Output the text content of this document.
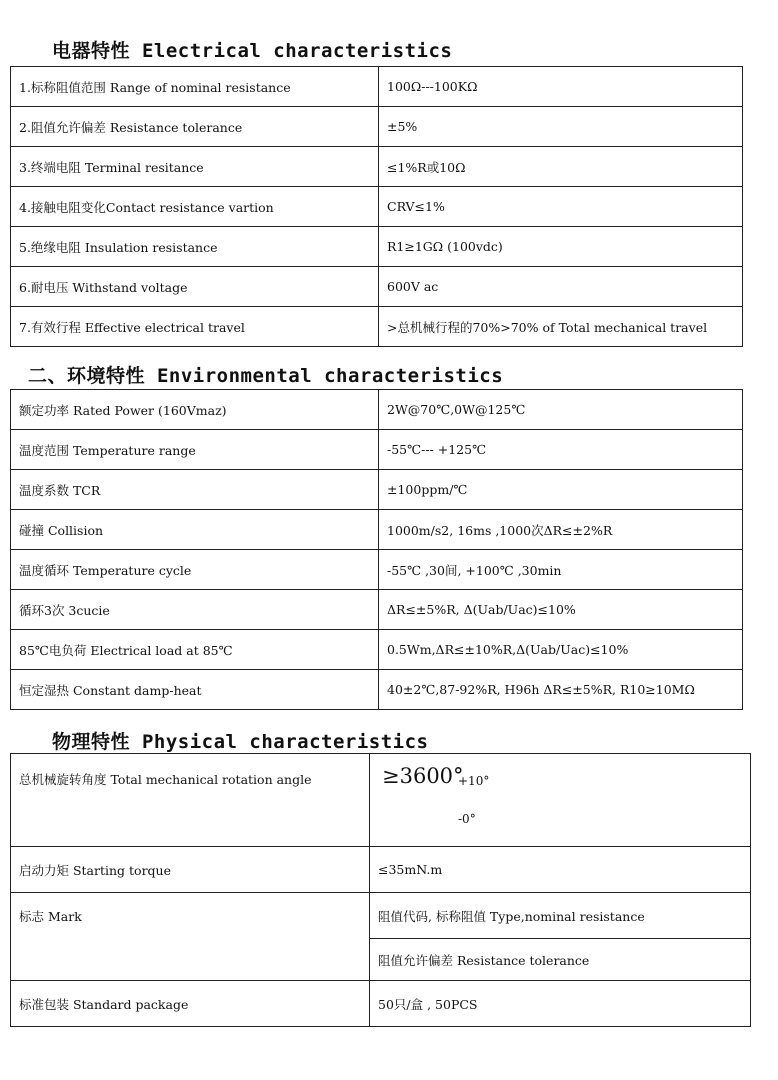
电器特性 Electrical characteristics
1.标称阻值范围 Range of nominal resistance	100Ω---100KΩ
2.阻值允许偏差 Resistance tolerance	±5%
3.终端电阻 Terminal resitance	≤1%R或10Ω
4.接触电阻变化Contact resistance vartion	CRV≤1%
5.绝缘电阻 Insulation resistance	R1≥1GΩ (100vdc)
6.耐电压 Withstand voltage	600V ac
7.有效行程 Effective electrical travel	>总机械行程的70%>70% of Total mechanical travel
二、环境特性 Environmental characteristics
额定功率 Rated Power (160Vmaz)	2W@70℃,0W@125℃
温度范围 Temperature range	-55℃--- +125℃
温度系数 TCR	±100ppm/℃
碰撞 Collision	1000m/s2, 16ms ,1000次ΔR≤±2%R
温度循环 Temperature cycle	-55℃ ,30间, +100℃ ,30min
循环3次 3cucie	ΔR≤±5%R, Δ(Uab/Uac)≤10%
85℃电负荷 Electrical load at 85℃	0.5Wm,ΔR≤±10%R,Δ(Uab/Uac)≤10%
恒定湿热 Constant damp-heat	40±2℃,87-92%R, H96h ΔR≤±5%R, R10≥10MΩ
物理特性 Physical characteristics
总机械旋转角度 Total mechanical rotation angle	≥3600°
+10°
-0°

启动力矩 Starting torque	≤35mN.m
标志 Mark	阻值代码, 标称阻值 Type,nominal resistance
	阻值允许偏差 Resistance tolerance
标准包装 Standard package	50只/盒 , 50PCS
